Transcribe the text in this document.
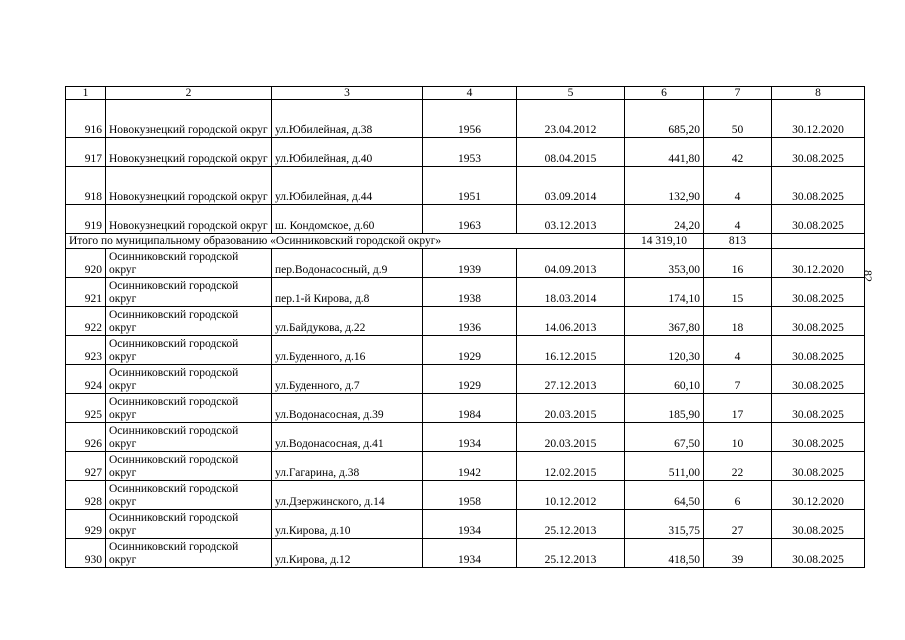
1	2	3	4	5	6	7	8
916	Новокузнецкий городской округ	ул.Юбилейная, д.38	1956	23.04.2012	685,20	50	30.12.2020
917	Новокузнецкий городской округ	ул.Юбилейная, д.40	1953	08.04.2015	441,80	42	30.08.2025
918	Новокузнецкий городской округ	ул.Юбилейная, д.44	1951	03.09.2014	132,90	4	30.08.2025
919	Новокузнецкий городской округ	ш. Кондомское, д.60	1963	03.12.2013	24,20	4	30.08.2025
Итого по муниципальному образованию «Осинниковский городской округ»					14 319,10	813	
920	Осинниковский городской округ	пер.Водонасосный, д.9	1939	04.09.2013	353,00	16	30.12.2020
921	Осинниковский городской округ	пер.1-й Кирова, д.8	1938	18.03.2014	174,10	15	30.08.2025
922	Осинниковский городской округ	ул.Байдукова, д.22	1936	14.06.2013	367,80	18	30.08.2025
923	Осинниковский городской округ	ул.Буденного, д.16	1929	16.12.2015	120,30	4	30.08.2025
924	Осинниковский городской округ	ул.Буденного, д.7	1929	27.12.2013	60,10	7	30.08.2025
925	Осинниковский городской округ	ул.Водонасосная, д.39	1984	20.03.2015	185,90	17	30.08.2025
926	Осинниковский городской округ	ул.Водонасосная, д.41	1934	20.03.2015	67,50	10	30.08.2025
927	Осинниковский городской округ	ул.Гагарина, д.38	1942	12.02.2015	511,00	22	30.08.2025
928	Осинниковский городской округ	ул.Дзержинского, д.14	1958	10.12.2012	64,50	6	30.12.2020
929	Осинниковский городской округ	ул.Кирова, д.10	1934	25.12.2013	315,75	27	30.08.2025
930	Осинниковский городской округ	ул.Кирова, д.12	1934	25.12.2013	418,50	39	30.08.2025
82
